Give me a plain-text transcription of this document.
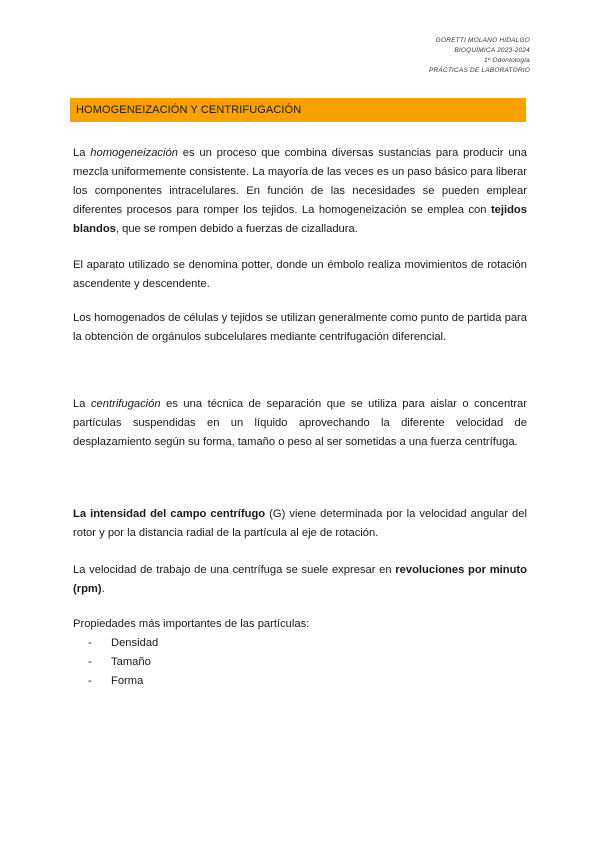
GORETTI MOLANO HIDALGO
BIOQUÍMICA 2023-2024
1º Odontología
PRÁCTICAS DE LABORATORIO
HOMOGENEIZACIÓN Y CENTRIFUGACIÓN

La homogeneización es un proceso que combina diversas sustancias para producir una mezcla uniformemente consistente. La mayoría de las veces es un paso básico para liberar los componentes intracelulares. En función de las necesidades se pueden emplear diferentes procesos para romper los tejidos. La homogeneización se emplea con tejidos blandos, que se rompen debido a fuerzas de cizalladura.

El aparato utilizado se denomina potter, donde un émbolo realiza movimientos de rotación ascendente y descendente.

Los homogenados de células y tejidos se utilizan generalmente como punto de partida para la obtención de orgánulos subcelulares mediante centrifugación diferencial.

La centrifugación es una técnica de separación que se utiliza para aislar o concentrar partículas suspendidas en un líquido aprovechando la diferente velocidad de desplazamiento según su forma, tamaño o peso al ser sometidas a una fuerza centrífuga.

La intensidad del campo centrífugo (G) viene determinada por la velocidad angular del rotor y por la distancia radial de la partícula al eje de rotación.

La velocidad de trabajo de una centrífuga se suele expresar en revoluciones por minuto (rpm).

Propiedades más importantes de las partículas:

-	Densidad
-	Tamaño
-	Forma
